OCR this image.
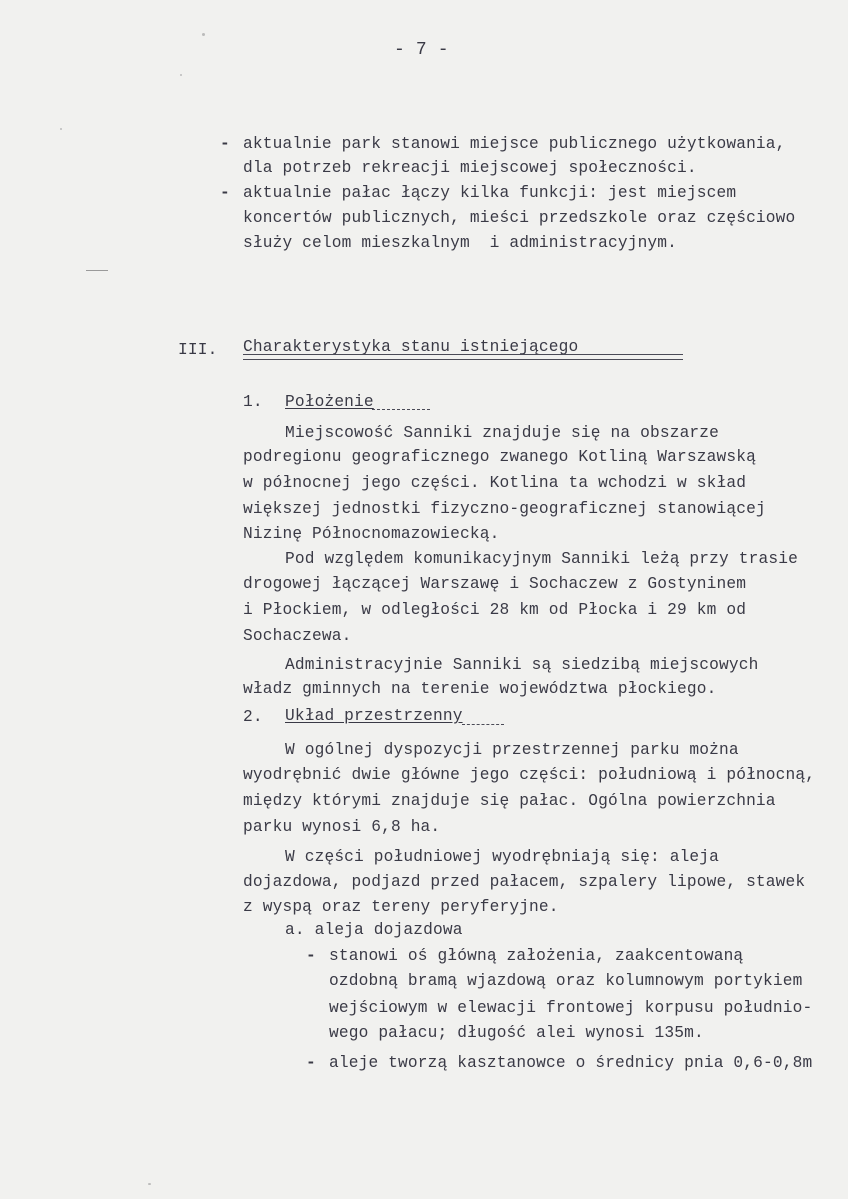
- 7 -
- aktualnie park stanowi miejsce publicznego użytkowania,
dla potrzeb rekreacji miejscowej społeczności.
- aktualnie pałac łączy kilka funkcji: jest miejscem
koncertów publicznych, mieści przedszkole oraz częściowo
służy celom mieszkalnym  i administracyjnym.
III. Charakterystyka stanu istniejącego
1. Położenie
Miejscowość Sanniki znajduje się na obszarze
podregionu geograficznego zwanego Kotliną Warszawską
w północnej jego części. Kotlina ta wchodzi w skład
większej jednostki fizyczno-geograficznej stanowiącej
Nizinę Północnomazowiecką.
Pod względem komunikacyjnym Sanniki leżą przy trasie
drogowej łączącej Warszawę i Sochaczew z Gostyninem
i Płockiem, w odległości 28 km od Płocka i 29 km od
Sochaczewa.
Administracyjnie Sanniki są siedzibą miejscowych
władz gminnych na terenie województwa płockiego.
2. Układ przestrzenny
W ogólnej dyspozycji przestrzennej parku można
wyodrębnić dwie główne jego części: południową i północną,
między którymi znajduje się pałac. Ogólna powierzchnia
parku wynosi 6,8 ha.
W części południowej wyodrębniają się: aleja
dojazdowa, podjazd przed pałacem, szpalery lipowe, stawek
z wyspą oraz tereny peryferyjne.
a. aleja dojazdowa
- stanowi oś główną założenia, zaakcentowaną
ozdobną bramą wjazdową oraz kolumnowym portykiem
wejściowym w elewacji frontowej korpusu południo-
wego pałacu; długość alei wynosi 135m.
- aleje tworzą kasztanowce o średnicy pnia 0,6-0,8m
